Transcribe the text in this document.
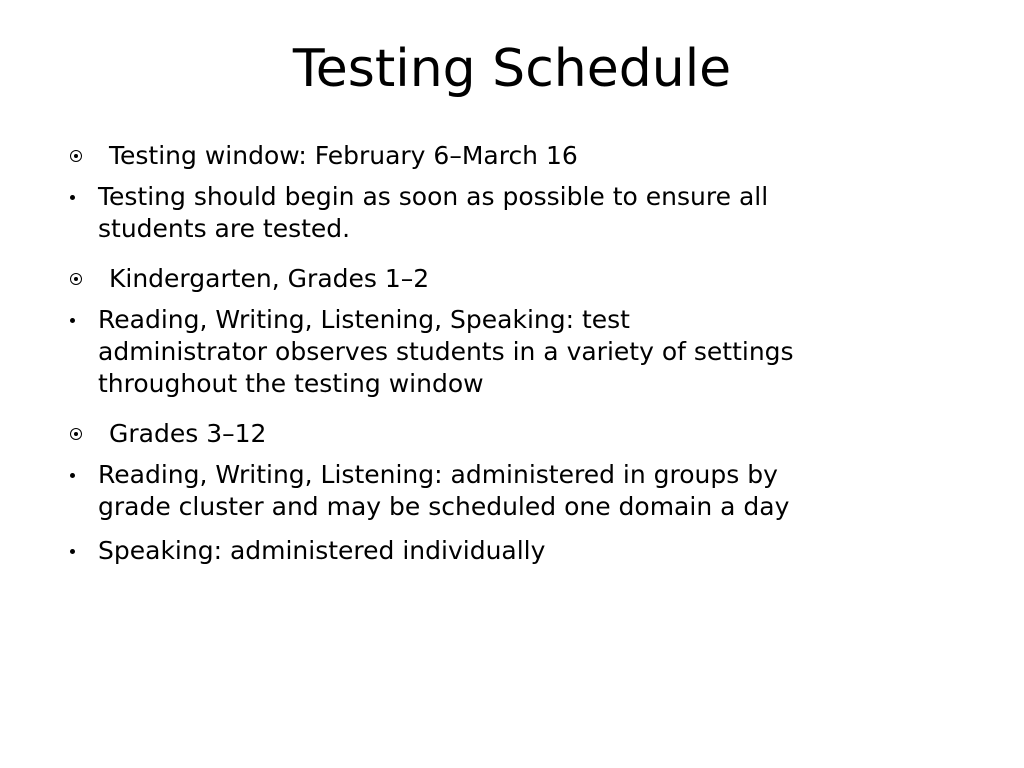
Testing Schedule
Testing window: February 6–March 16
Testing should begin as soon as possible to ensure all students are tested.
Kindergarten, Grades 1–2
Reading, Writing, Listening, Speaking: test administrator observes students in a variety of settings throughout the testing window
Grades 3–12
Reading, Writing, Listening: administered in groups by grade cluster and may be scheduled one domain a day
Speaking: administered individually
